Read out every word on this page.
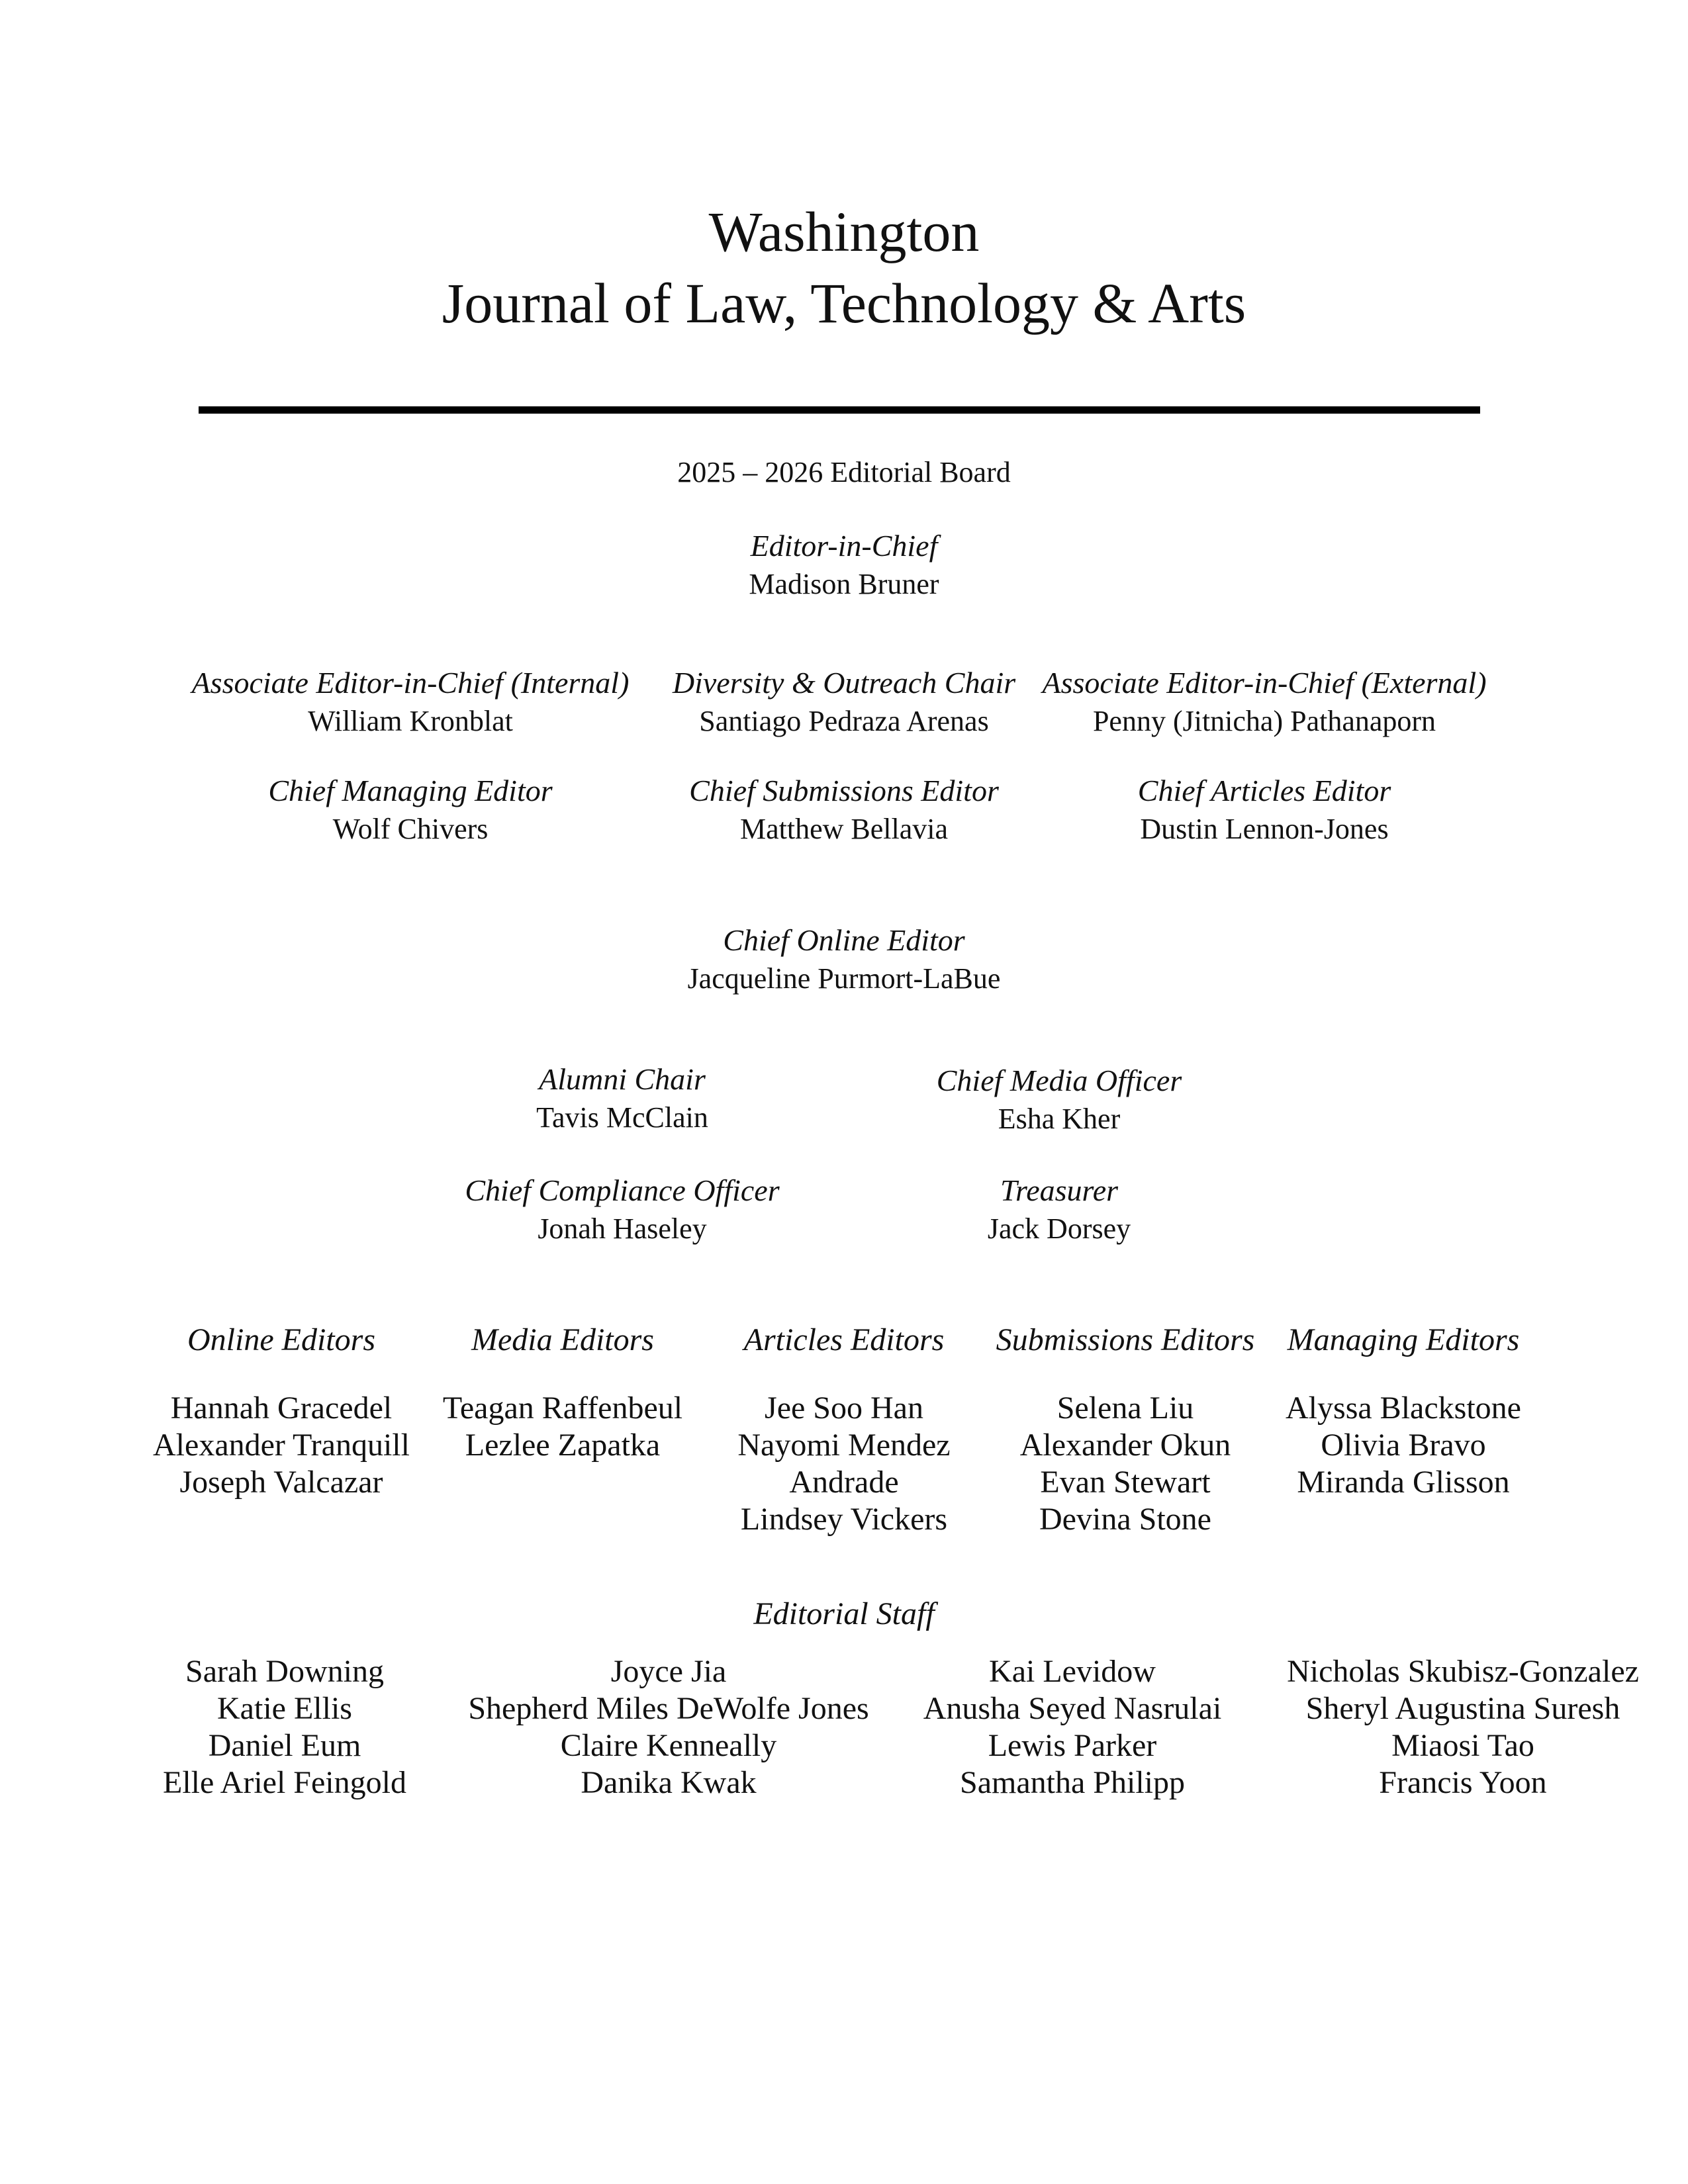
Washington
Journal of Law, Technology & Arts
2025 – 2026 Editorial Board
Editor-in-Chief
Madison Bruner
Associate Editor-in-Chief (Internal)
William Kronblat
Diversity & Outreach Chair
Santiago Pedraza Arenas
Associate Editor-in-Chief (External)
Penny (Jitnicha) Pathanaporn
Chief Managing Editor
Wolf Chivers
Chief Submissions Editor
Matthew Bellavia
Chief Articles Editor
Dustin Lennon-Jones
Chief Online Editor
Jacqueline Purmort-LaBue
Alumni Chair
Tavis McClain
Chief Media Officer
Esha Kher
Chief Compliance Officer
Jonah Haseley
Treasurer
Jack Dorsey
Online Editors
Hannah Gracedel
Alexander Tranquill
Joseph Valcazar
Media Editors
Teagan Raffenbeul
Lezlee Zapatka
Articles Editors
Jee Soo Han
Nayomi Mendez
Andrade
Lindsey Vickers
Submissions Editors
Selena Liu
Alexander Okun
Evan Stewart
Devina Stone
Managing Editors
Alyssa Blackstone
Olivia Bravo
Miranda Glisson
Editorial Staff
Sarah Downing
Katie Ellis
Daniel Eum
Elle Ariel Feingold
Joyce Jia
Shepherd Miles DeWolfe Jones
Claire Kenneally
Danika Kwak
Kai Levidow
Anusha Seyed Nasrulai
Lewis Parker
Samantha Philipp
Nicholas Skubisz-Gonzalez
Sheryl Augustina Suresh
Miaosi Tao
Francis Yoon
